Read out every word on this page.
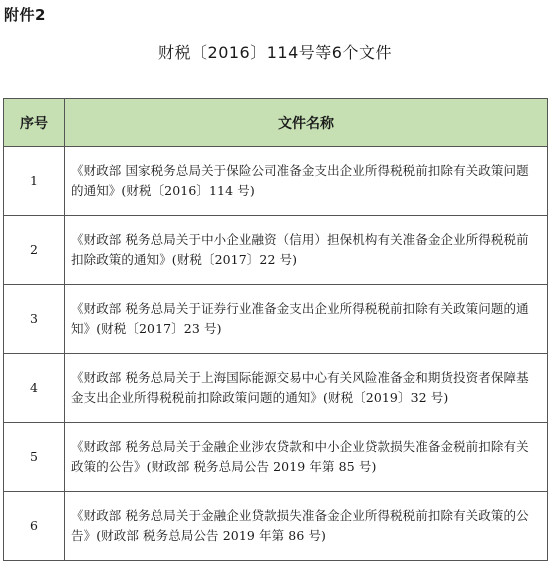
附件2
财税〔2016〕114号等6个文件
序号	文件名称
1	《财政部 国家税务总局关于保险公司准备金支出企业所得税税前扣除有关政策问题的通知》(财税〔2016〕114 号)
2	《财政部 税务总局关于中小企业融资（信用）担保机构有关准备金企业所得税税前扣除政策的通知》(财税〔2017〕22 号)
3	《财政部 税务总局关于证券行业准备金支出企业所得税税前扣除有关政策问题的通知》(财税〔2017〕23 号)
4	《财政部 税务总局关于上海国际能源交易中心有关风险准备金和期货投资者保障基金支出企业所得税税前扣除政策问题的通知》(财税〔2019〕32 号)
5	《财政部 税务总局关于金融企业涉农贷款和中小企业贷款损失准备金税前扣除有关政策的公告》(财政部 税务总局公告 2019 年第 85 号)
6	《财政部 税务总局关于金融企业贷款损失准备金企业所得税税前扣除有关政策的公告》(财政部 税务总局公告 2019 年第 86 号)
